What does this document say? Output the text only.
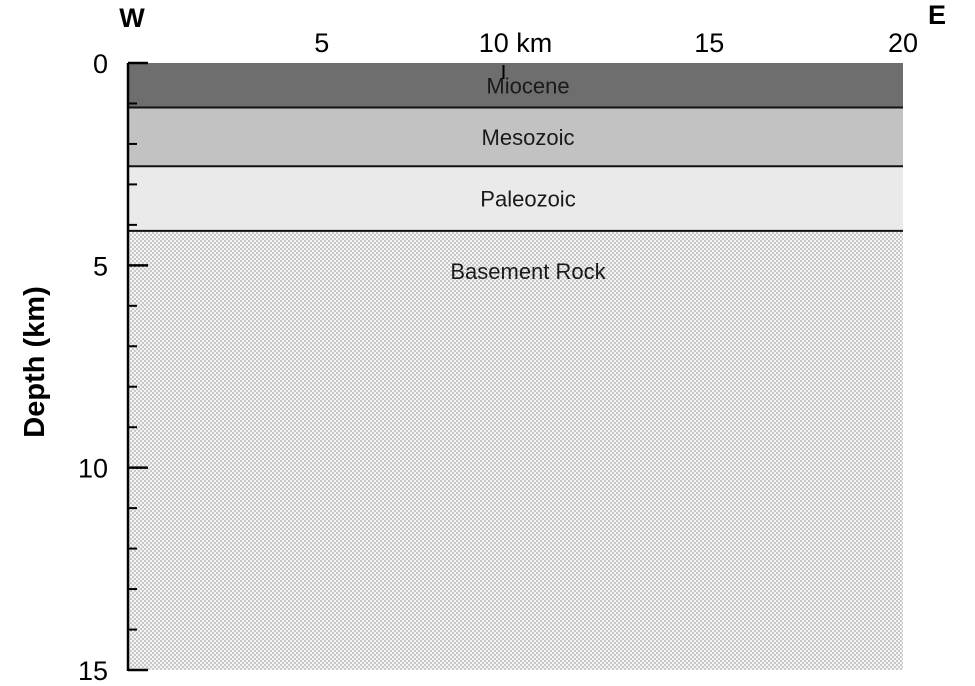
Miocene
Mesozoic
Paleozoic
Basement Rock
0
5
10
15
5	10 km	15	20
W	E
Depth (km)
